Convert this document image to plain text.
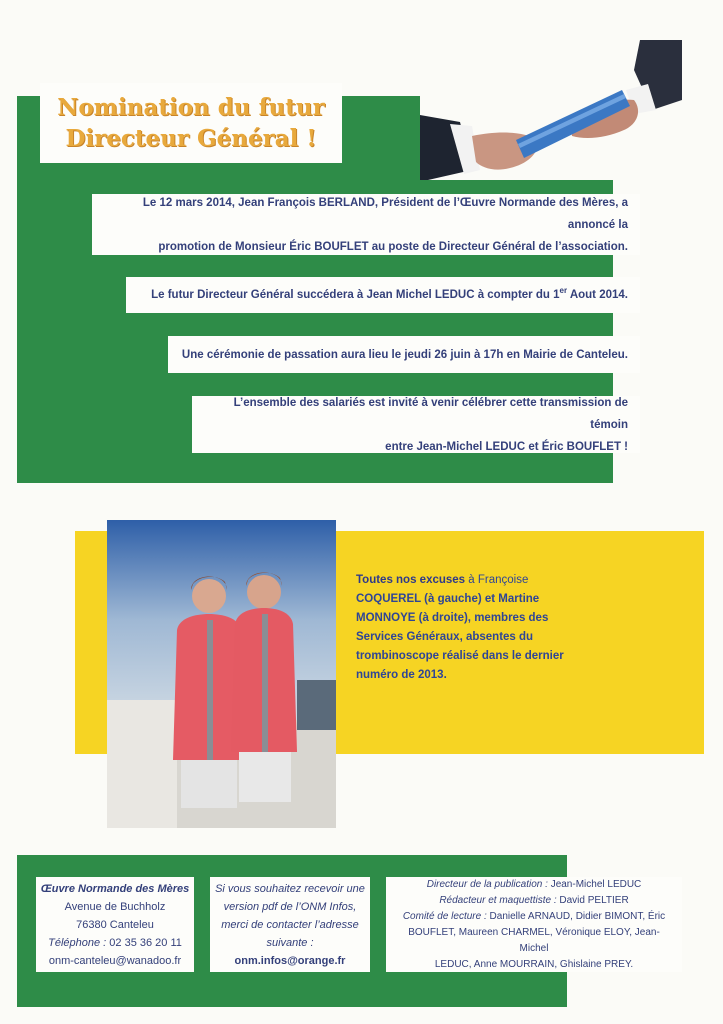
Nomination du futur
Directeur Général !
Le 12 mars 2014, Jean François BERLAND, Président de l’Œuvre Normande des Mères, a annoncé la
promotion de Monsieur Éric BOUFLET au poste de Directeur Général de l’association.
Le futur Directeur Général succédera à Jean Michel LEDUC à compter du 1er Aout 2014.
Une cérémonie de passation aura lieu le jeudi 26 juin à 17h en Mairie de Canteleu.
L’ensemble des salariés est invité à venir célébrer cette transmission de témoin
entre Jean-Michel LEDUC et Éric BOUFLET !
Toutes nos excuses à Françoise
COQUEREL (à gauche) et Martine
MONNOYE (à droite), membres des
Services Généraux, absentes du
trombinoscope réalisé dans le dernier
numéro de 2013.
Œuvre Normande des Mères
Avenue de Buchholz
76380 Canteleu
Téléphone : 02 35 36 20 11
onm-canteleu@wanadoo.fr
Si vous souhaitez recevoir une
version pdf de l’ONM Infos,
merci de contacter l’adresse
suivante :
onm.infos@orange.fr
Directeur de la publication : Jean-Michel LEDUC
Rédacteur et maquettiste : David PELTIER
Comité de lecture : Danielle ARNAUD, Didier BIMONT, Éric
BOUFLET, Maureen CHARMEL, Véronique ELOY, Jean-Michel
LEDUC, Anne MOURRAIN, Ghislaine PREY.
